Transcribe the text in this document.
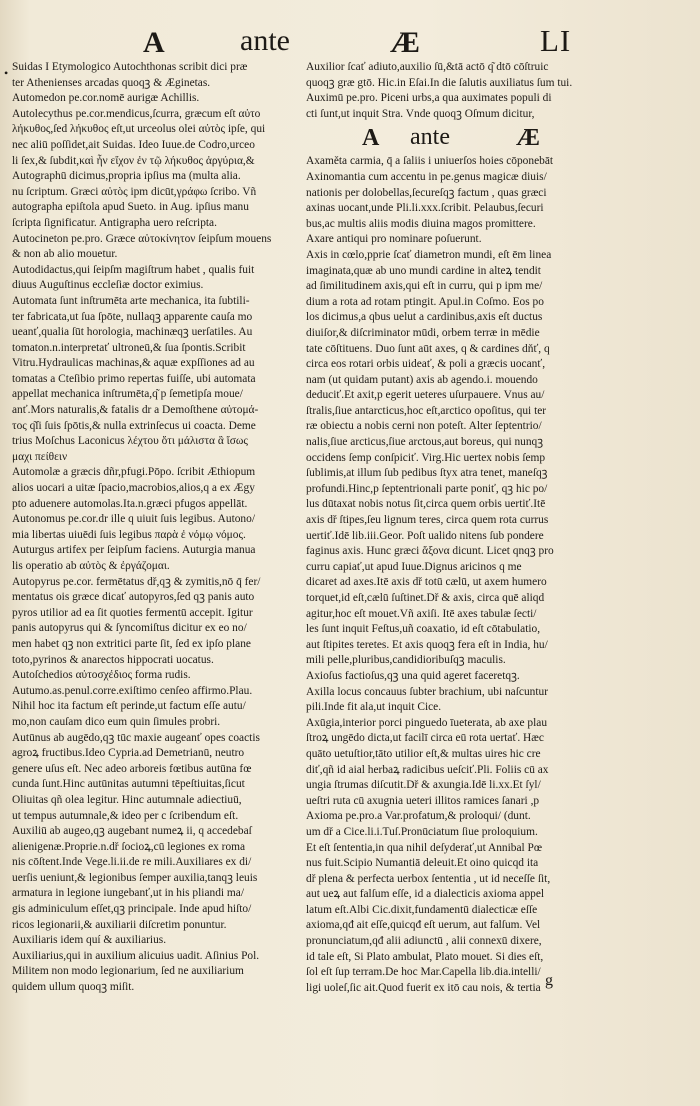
A	ante	Æ	LI
• Suidas I Etymologico Autochthonas scribit dici præ
ter Athenienses arcadas quoqꝫ & Æginetas.
Automedon pe.cor.nomē aurigæ Achillis.
Autolecythus pe.cor.mendicus,ſcurra, græcum eſt αὐτο
λήκυθος,ſed λήκυθος eſt,ut urceolus olei αὐτὸς ipſe, qui
nec aliū poſſidet,ait Suidas. Ideo Iuue.de Codro,urceo
li ſex,& ſubdit,καὶ ἦν εἴχον ἐν τῷ λήκυθος ἀργύρια,&
Autographū dicimus,propria ipſius ma (multa alia.
nu ſcriptum. Græci αὐτὸς ipm dicūt,γράφω ſcribo. Vñ
autographa epiſtola apud Sueto. in Aug. ipſius manu
ſcripta ſignificatur. Antigrapha uero reſcripta.
Autocineton pe.pro. Græce αὐτοκίνητον ſeipſum mouens
& non ab alio mouetur.
Autodidactus,qui ſeipſm magiſtrum habet , qualis fuit
diuus Auguſtinus eccleſiæ doctor eximius.
Automata ſunt inſtrumēta arte mechanica, ita ſubtili-
ter fabricata,ut ſua ſpōte, nullaqꝫ apparente cauſa mo
ueanť,qualia ſūt horologia, machinæqꝫ uerſatiles. Au
tomaton.n.interpretať ultroneū,& ſua ſpontis.Scribit
Vitru.Hydraulicas machinas,& aquæ expſſiones ad au
tomatas a Cteſibio primo repertas fuiſſe, ubi automata
appellat mechanica inſtrumēta,q͂ p ſemetipſa moue/
anť.Mors naturalis,& fatalis dr a Demoſthene αὐτομά-
τος q͂ſi ſuis ſpōtis,& nulla extrinſecus ui coacta. Deme
trius Moſchus Laconicus λέχτου ὅτι μάλιστα ἃ ἴσως
μαχι πείθειν
Automolæ a græcis dñr,pfugi.Pōpo. ſcribit Æthiopum
alios uocari a uitæ ſpacio,macrobios,alios,q a ex Ægy
pto aduenere automolas.Ita.n.græci pfugos appellāt.
Autonomus pe.cor.dr ille q uiuit ſuis legibus. Autono/
mia libertas uiuēdi ſuis legibus παρὰ ἐ νόμῳ νόμος.
Auturgus artifex per ſeipſum faciens. Auturgia manua
lis operatio ab αὐτὸς & ἐργάζομαι.
Autopyrus pe.cor. fermētatus dř,qꝫ & zymitis,nō q̄ fer/
mentatus ois græce dicať autopyros,ſed qꝫ panis auto
pyros utilior ad ea ſit quoties fermentū accepit. Igitur
panis autopyrus qui & ſyncomiſtus dicitur ex eo no/
men habet qꝫ non extritici parte ſit, ſed ex ipſo plane
toto,pyrinos & anarectos hippocrati uocatus.
Autoſchedios αὐτοσχέδιος forma rudis.
Autumo.as.penul.corre.exiſtimo cenſeo affirmo.Plau.
Nihil hoc ita factum eſt perinde,ut factum eſſe autu/
mo,non cauſam dico eum quin ſimules probri.
Autūnus ab augēdo,qꝫ tūc maxie augeanť opes coactis
agroꝝ fructibus.Ideo Cypria.ad Demetrianū, neutro
genere uſus eſt. Nec adeo arboreis fœtibus autūna fœ
cunda ſunt.Hinc autūnitas autumni tēpeſtiuitas,ſicut
Oliuitas qñ olea legitur. Hinc autumnale adiectiuū,
ut tempus autumnale,& ideo per c ſcribendum eſt.
Auxiliū ab augeo,qꝫ augebant numeꝝ ii, q accedebaſ
alienigenæ.Proprie.n.dř ſocioꝝ,cū legiones ex roma
nis cōſtent.Inde Vege.li.ii.de re mili.Auxiliares ex di/
uerſis ueniunt,& legionibus ſemper auxilia,tanqꝫ leuis
armatura in legione iungebanť,ut in his pliandi ma/
gis adminiculum eſſet,qꝫ principale. Inde apud hiſto/
ricos legionarii,& auxiliarii diſcretim ponuntur.
Auxiliaris idem quí & auxiliarius.
Auxiliarius,qui in auxilium alicuius uadit. Aſinius Pol.
Militem non modo legionarium, ſed ne auxiliarium
quidem ullum quoqꝫ miſit.
Auxilior ſcať adiuto,auxilio ſū,&tā actō q͂ dtō cōſtruic
quoqꝫ græ gtō. Hic.in Eſai.In die ſalutis auxiliatus ſum tui.
Auximū pe.pro. Piceni urbs,a qua auximates populi di
cti ſunt,ut inquit Stra. Vnde quoqꝫ Oſmum dicitur,
A ante	Æ
Axaměta carmia, q̄ a ſaliis i uniuerſos hoies cōponebāt
Axinomantia cum accentu in pe.genus magicæ diuis/
nationis per dolobellas,ſecureſqꝫ factum , quas græci
axinas uocant,unde Pli.li.xxx.ſcribit. Pelaubus,ſecuri
bus,ac multis aliis modis diuina magos promittere.
Axare antiqui pro nominare poſuerunt.
Axis in cœlo,pprie ſcať diametron mundi, eſt ēm linea
imaginata,quæ ab uno mundi cardine in alteꝝ tendit
ad ſimilitudinem axis,qui eſt in curru, qui p ipm me/
dium a rota ad rotam ptingit. Apul.in Coſmo. Eos po
los dicimus,a qbus uelut a cardinibus,axis eſt ductus
diuiſor,& diſcriminator mūdi, orbem terræ in mēdie
tate cōſtituens. Duo ſunt aūt axes, q & cardines dňť, q
circa eos rotari orbis uideať, & poli a græcis uocanť,
nam (ut quidam putant) axis ab agendo.i. mouendo
deduciť.Et axit,p egerit ueteres uſurpauere. Vnus au/
ſtralis,ſiue antarcticus,hoc eſt,arctico opoſitus, qui ter
ræ obiectu a nobis cerni non poteſt. Alter ſeptentrio/
nalis,ſiue arcticus,ſiue arctous,aut boreus, qui nunqꝫ
occidens ſemp conſpiciť. Virg.Hic uertex nobis ſemp
ſublimis,at illum ſub pedibus ſtyx atra tenet, maneſqꝫ
profundi.Hinc,p ſeptentrionali parte poniť, qꝫ hic po/
lus dūtaxat nobis notus ſit,circa quem orbis uertiť.Itē
axis dř ſtipes,ſeu lignum teres, circa quem rota currus
uertiť.Idē lib.iii.Geor. Poſt ualido nitens ſub pondere
faginus axis. Hunc græci ἄξονα dicunt. Licet qnqꝫ pro
curru capiať,ut apud Iuue.Dignus aricinos q me
dicaret ad axes.Itē axis dř totū cælū, ut axem humero
torquet,id eſt,cælū ſuſtinet.Dř & axis, circa quē aliqd
agitur,hoc eſt mouet.Vñ axiſi. Itē axes tabulæ ſecti/
les ſunt inquit Feſtus,uñ coaxatio, id eſt cōtabulatio,
aut ſtipites teretes. Et axis quoqꝫ fera eſt in India, hu/
mili pelle,pluribus,candidioribuſqꝫ maculis.
Axioſus factioſus,qꝫ una quid ageret faceretqꝫ.
Axilla locus concauus ſubter brachium, ubi naſcuntur
pili.Inde fit ala,ut inquit Cice.
Axūgia,interior porci pinguedo īueterata, ab axe plau
ſtroꝝ ungēdo dicta,ut facilī circa eū rota uertať. Hæc
quāto uetuſtior,tāto utilior eſt,& multas uires hic cre
diť,qñ id aial herbaꝝ radicibus ueſciť.Pli. Foliis cū ax
ungia ſtrumas diſcutit.Dř & axungia.Idē li.xx.Et ſyl/
ueſtri ruta cū axugnia ueteri illitos ramices ſanari ,p
Axioma pe.pro.a Var.profatum,& proloqui/ (dunt.
um dř a Cice.li.i.Tuſ.Pronūciatum ſiue proloquium.
Et eſt ſententia,in qua nihil deſyderať,ut Annibal Pœ
nus fuit.Scipio Numantiā deleuit.Et oino quicqd ita
dř plena & perfecta uerbox ſententia , ut id neceſſe ſit,
aut ueꝝ aut falſum eſſe, id a dialecticis axioma appel
latum eſt.Albi Cic.dixit,fundamentū dialecticæ eſſe
axioma,qđ ait eſſe,quicqđ eſt uerum, aut falſum. Vel
pronunciatum,qđ alii adiunctū , alii connexū dixere,
id tale eſt, Si Plato ambulat, Plato mouet. Si dies eſt,
ſol eſt ſup terram.De hoc Mar.Capella lib.dia.intelli/
ligi uoleſ,ſic ait.Quod fuerit ex itō cau nois, & tertia g
